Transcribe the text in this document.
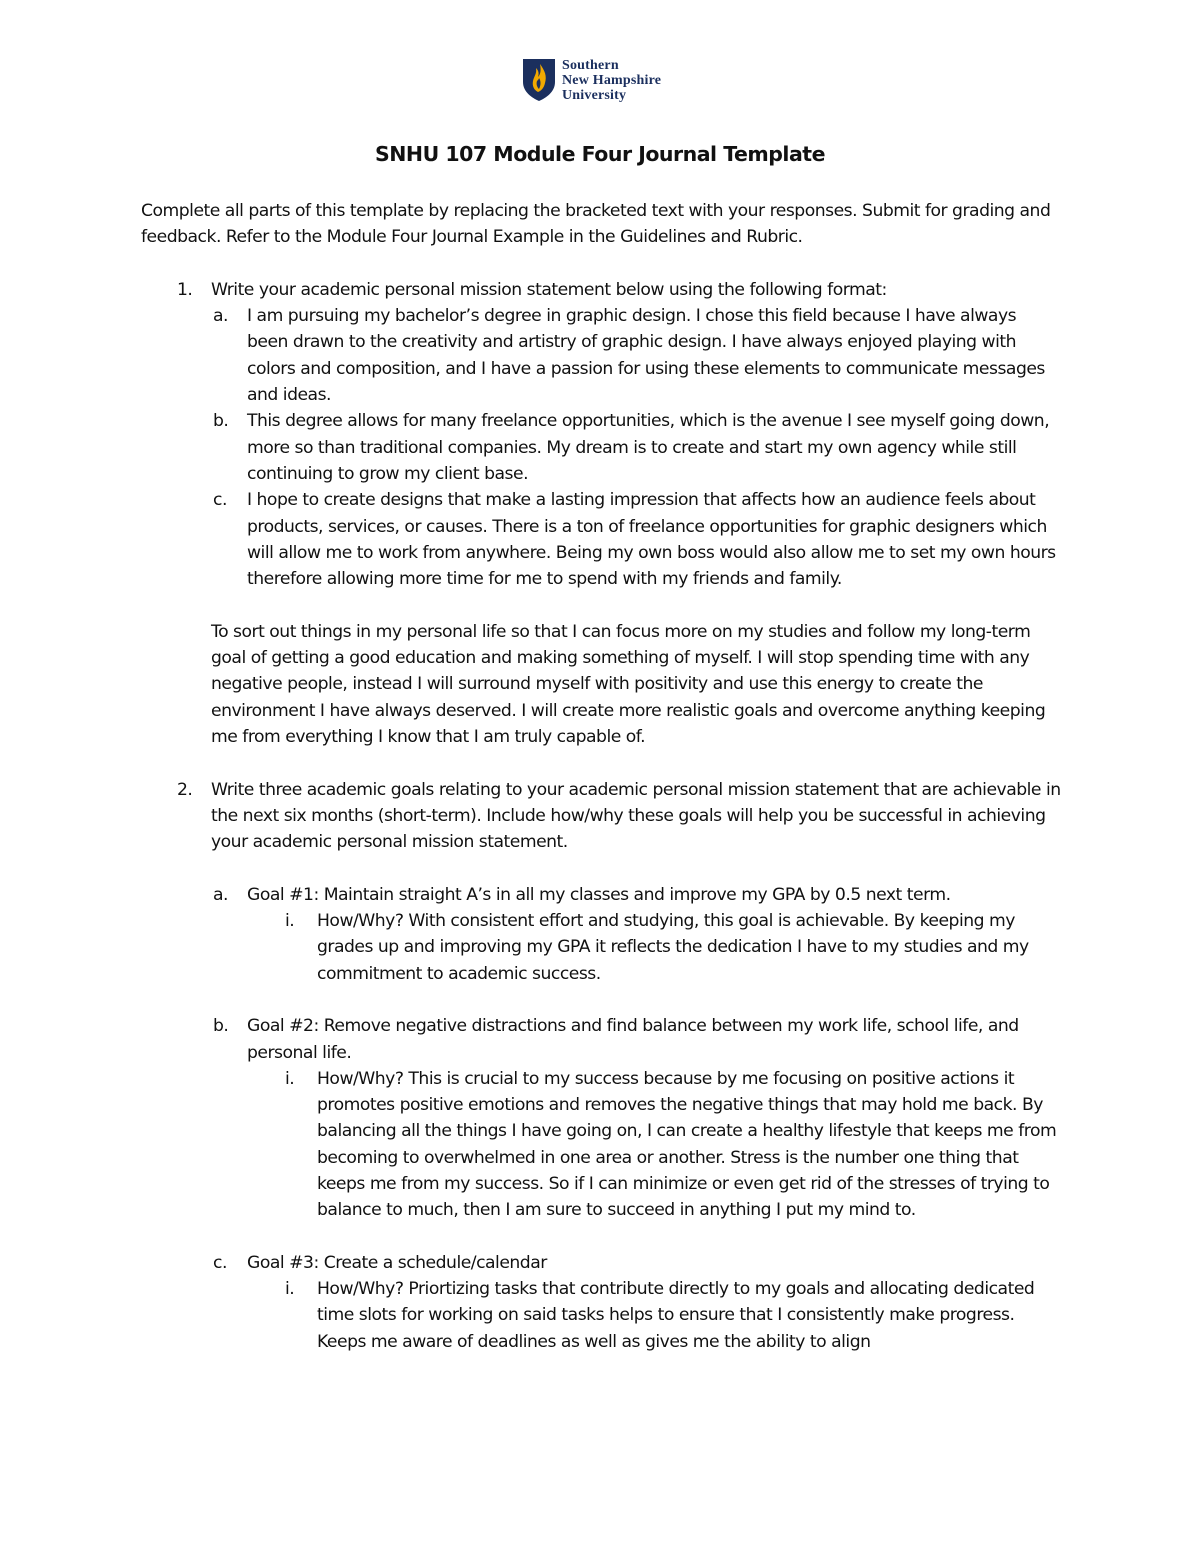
Southern
New Hampshire
University
SNHU 107 Module Four Journal Template

Complete all parts of this template by replacing the bracketed text with your responses. Submit for grading and feedback. Refer to the Module Four Journal Example in the Guidelines and Rubric.

1.	Write your academic personal mission statement below using the following format:
a.	I am pursuing my bachelor’s degree in graphic design. I chose this field because I have always been drawn to the creativity and artistry of graphic design. I have always enjoyed playing with colors and composition, and I have a passion for using these elements to communicate messages and ideas.
b.	This degree allows for many freelance opportunities, which is the avenue I see myself going down, more so than traditional companies. My dream is to create and start my own agency while still continuing to grow my client base.
c.	I hope to create designs that make a lasting impression that affects how an audience feels about products, services, or causes. There is a ton of freelance opportunities for graphic designers which will allow me to work from anywhere. Being my own boss would also allow me to set my own hours therefore allowing more time for me to spend with my friends and family.

To sort out things in my personal life so that I can focus more on my studies and follow my long-term goal of getting a good education and making something of myself. I will stop spending time with any negative people, instead I will surround myself with positivity and use this energy to create the environment I have always deserved. I will create more realistic goals and overcome anything keeping me from everything I know that I am truly capable of.

2.	Write three academic goals relating to your academic personal mission statement that are achievable in the next six months (short-term). Include how/why these goals will help you be successful in achieving your academic personal mission statement.
a.	Goal #1: Maintain straight A’s in all my classes and improve my GPA by 0.5 next term.
i.	How/Why? With consistent effort and studying, this goal is achievable. By keeping my grades up and improving my GPA it reflects the dedication I have to my studies and my commitment to academic success.
b.	Goal #2: Remove negative distractions and find balance between my work life, school life, and personal life.
i.	How/Why? This is crucial to my success because by me focusing on positive actions it promotes positive emotions and removes the negative things that may hold me back. By balancing all the things I have going on, I can create a healthy lifestyle that keeps me from becoming to overwhelmed in one area or another. Stress is the number one thing that keeps me from my success. So if I can minimize or even get rid of the stresses of trying to balance to much, then I am sure to succeed in anything I put my mind to.
c.	Goal #3: Create a schedule/calendar
i.	How/Why? Priortizing tasks that contribute directly to my goals and allocating dedicated time slots for working on said tasks helps to ensure that I consistently make progress. Keeps me aware of deadlines as well as gives me the ability to align
